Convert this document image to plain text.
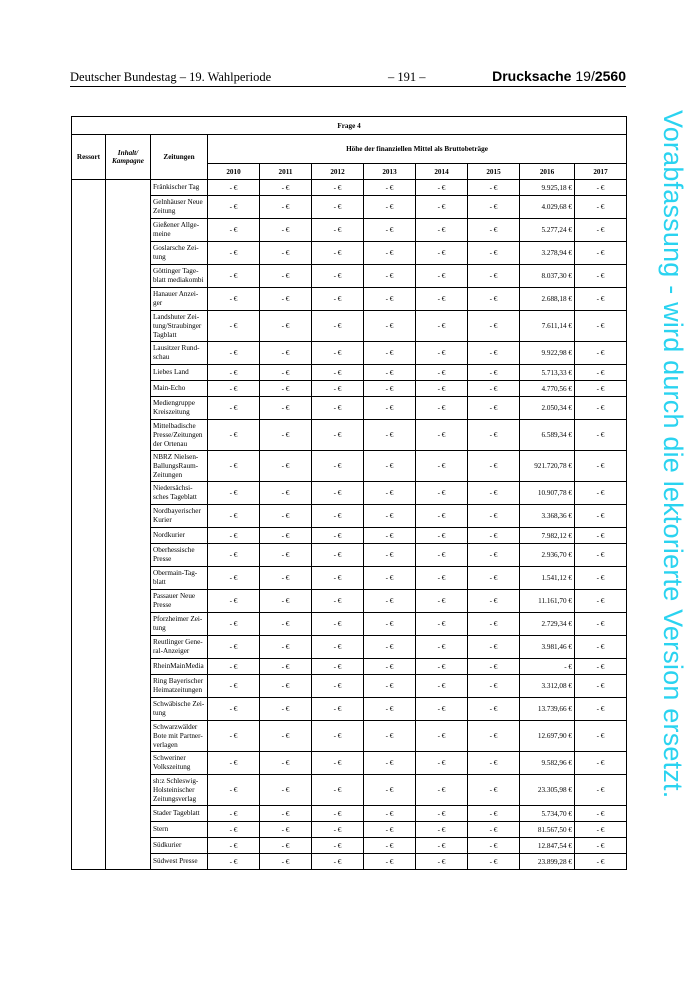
Deutscher Bundestag – 19. Wahlperiode	– 191 –	Drucksache 19/2560
Vorabfassung - wird durch die lektorierte Version ersetzt.
Frage 4										
Ressort	Inhalt/ Kampagne	Zeitungen	Höhe der finanziellen Mittel als Bruttobeträge							
			2010	2011	2012	2013	2014	2015	2016	2017
		Fränkischer Tag	- €	- €	- €	- €	- €	- €	9.925,18 €	- €
		Gelnhäuser Neue Zeitung	- €	- €	- €	- €	- €	- €	4.029,68 €	- €
		Gießener Allge-meine	- €	- €	- €	- €	- €	- €	5.277,24 €	- €
		Goslarsche Zei-tung	- €	- €	- €	- €	- €	- €	3.278,94 €	- €
		Göttinger Tage-blatt mediakombi	- €	- €	- €	- €	- €	- €	8.037,30 €	- €
		Hanauer Anzei-ger	- €	- €	- €	- €	- €	- €	2.688,18 €	- €
		Landshuter Zei-tung/Straubinger Tagblatt	- €	- €	- €	- €	- €	- €	7.611,14 €	- €
		Lausitzer Rund-schau	- €	- €	- €	- €	- €	- €	9.922,98 €	- €
		Liebes Land	- €	- €	- €	- €	- €	- €	5.713,33 €	- €
		Main-Echo	- €	- €	- €	- €	- €	- €	4.770,56 €	- €
		Mediengruppe Kreiszeitung	- €	- €	- €	- €	- €	- €	2.050,34 €	- €
		Mittelbadische Presse/Zeitungen der Ortenau	- €	- €	- €	- €	- €	- €	6.589,34 €	- €
		NBRZ Nielsen-BallungsRaum-Zeitungen	- €	- €	- €	- €	- €	- €	921.720,78 €	- €
		Niedersächsi-sches Tageblatt	- €	- €	- €	- €	- €	- €	10.907,78 €	- €
		Nordbayerischer Kurier	- €	- €	- €	- €	- €	- €	3.368,36 €	- €
		Nordkurier	- €	- €	- €	- €	- €	- €	7.982,12 €	- €
		Oberhessische Presse	- €	- €	- €	- €	- €	- €	2.936,70 €	- €
		Obermain-Tag-blatt	- €	- €	- €	- €	- €	- €	1.541,12 €	- €
		Passauer Neue Presse	- €	- €	- €	- €	- €	- €	11.161,70 €	- €
		Pforzheimer Zei-tung	- €	- €	- €	- €	- €	- €	2.729,34 €	- €
		Reutlinger Gene-ral-Anzeiger	- €	- €	- €	- €	- €	- €	3.981,46 €	- €
		RheinMainMedia	- €	- €	- €	- €	- €	- €	- €	- €
		Ring Bayerischer Heimatzeitungen	- €	- €	- €	- €	- €	- €	3.312,08 €	- €
		Schwäbische Zei-tung	- €	- €	- €	- €	- €	- €	13.739,66 €	- €
		Schwarzwälder Bote mit Partner-verlagen	- €	- €	- €	- €	- €	- €	12.697,90 €	- €
		Schweriner Volkszeitung	- €	- €	- €	- €	- €	- €	9.582,96 €	- €
		sh:z Schleswig-Holsteinischer Zeitungsverlag	- €	- €	- €	- €	- €	- €	23.305,98 €	- €
		Stader Tageblatt	- €	- €	- €	- €	- €	- €	5.734,70 €	- €
		Stern	- €	- €	- €	- €	- €	- €	81.567,50 €	- €
		Südkurier	- €	- €	- €	- €	- €	- €	12.847,54 €	- €
		Südwest Presse	- €	- €	- €	- €	- €	- €	23.899,28 €	- €
